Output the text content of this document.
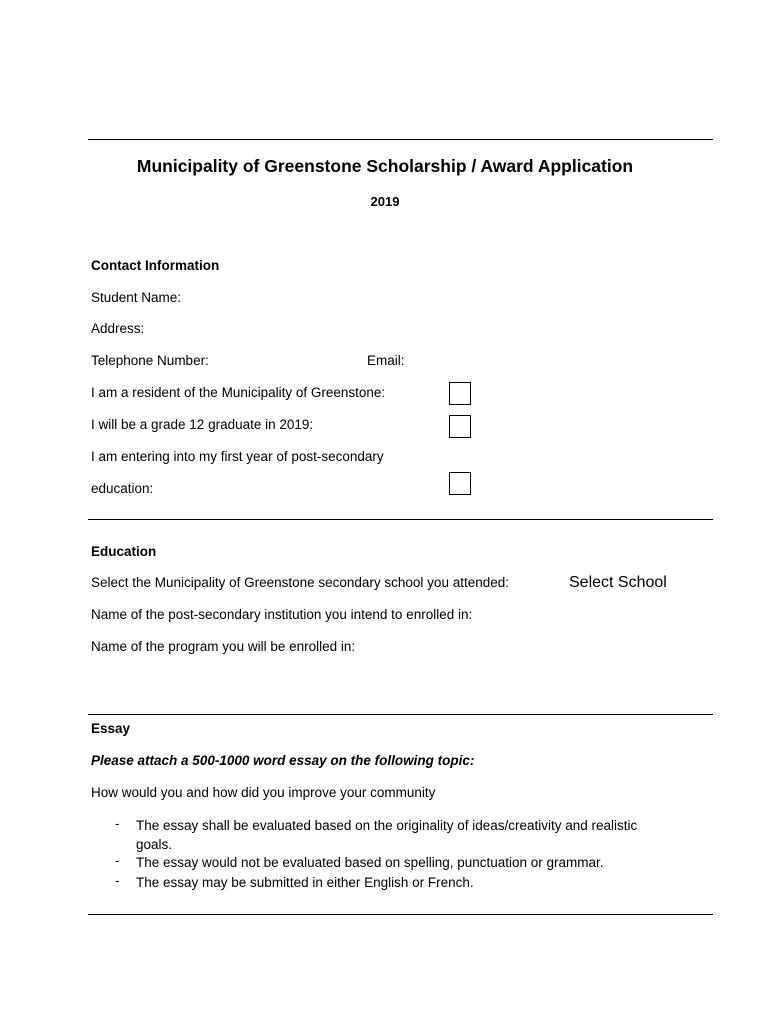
Municipality of Greenstone Scholarship / Award Application
2019
Contact Information
Student Name:
Address:
Telephone Number:	Email:
I am a resident of the Municipality of Greenstone:
I will be a grade 12 graduate in 2019:
I am entering into my first year of post-secondary
education:
Education
Select the Municipality of Greenstone secondary school you attended:	Select School
Name of the post-secondary institution you intend to enrolled in:
Name of the program you will be enrolled in:
Essay
Please attach a 500-1000 word essay on the following topic:
How would you and how did you improve your community
- The essay shall be evaluated based on the originality of ideas/creativity and realistic goals.
- The essay would not be evaluated based on spelling, punctuation or grammar.
- The essay may be submitted in either English or French.
